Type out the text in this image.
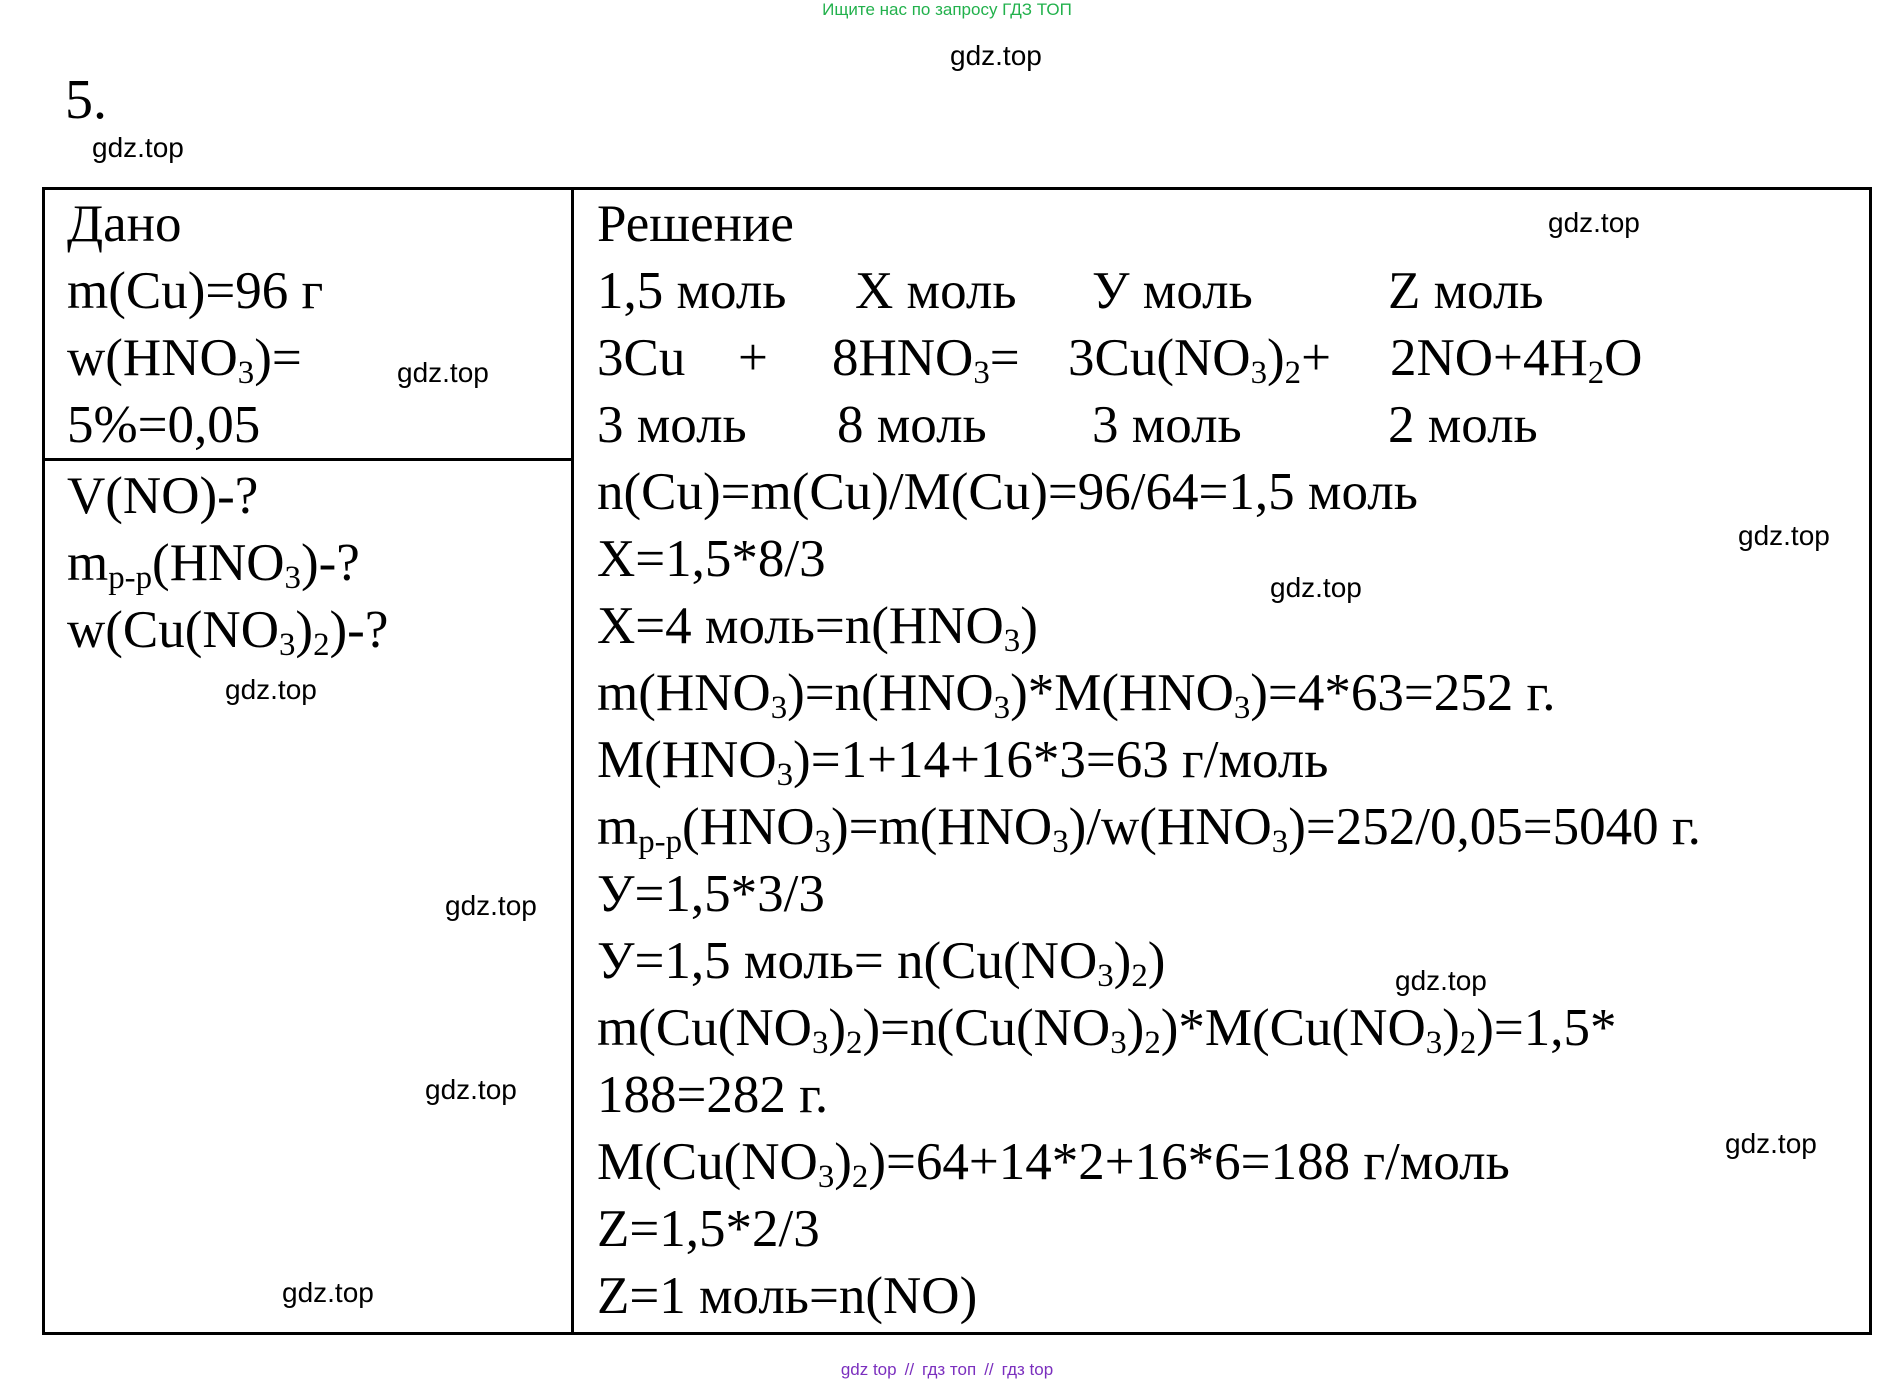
Ищите нас по запросу ГДЗ ТОП
gdz.top
gdz.top
gdz.top
gdz.top
gdz.top
gdz.top
gdz.top
gdz.top
gdz.top
gdz.top
gdz.top
gdz.top
5.
Дано
m(Cu)=96 г
$w(HNO_3)=$
5%=0,05
V(NO)-?
$m_{р-р}(HNO_3)-$?
$w(Cu(NO_3)_2)-$?
Решение
1,5 моль X моль У моль	Z моль
$3Cu + 8HNO_3= 3Cu(NO_3)_2+ 2NO+4H_2O$
3 моль 8 моль 3 моль	2 моль
n(Cu)=m(Cu)/M(Cu)=96/64=1,5 моль
X=1,5*8/3
X=4 $моль=n(HNO_3)$
$m(HNO_3)=n(HNO_3)*M(HNO_3)=4*63=252$ г.
$M(HNO_3)=1+14+16*3=63$ г/моль
$m_{р-р}(HNO_3)=m(HNO_3)/w(HNO_3)=252/0,05=5040$ г.
У=1,5*3/3
У=1,5 моль= $n(Cu(NO_3)_2)$
$m(Cu(NO_3)_2)=n(Cu(NO_3)_2)*M(Cu(NO_3)_2)=1,5*$
188=282 г.
$M(Cu(NO_3)_2)=64+14*2+16*6=188$ г/моль
Z=1,5*2/3
Z=1 моль=n(NO)
gdz top // гдз топ // гдз top
